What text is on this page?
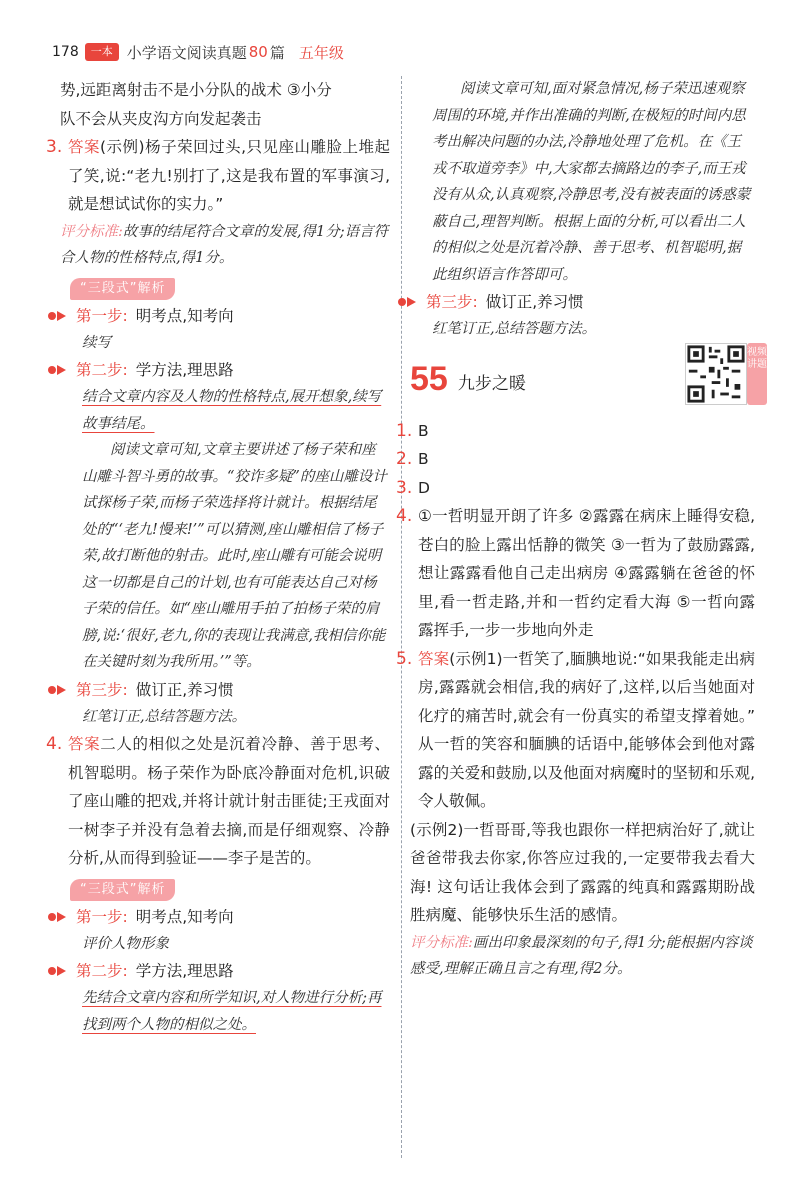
178	一本 小学语文阅读真题 80 篇 五年级
势,远距离射击不是小分队的战术 ③小分
队不会从夹皮沟方向发起袭击
3. 答案(示例)杨子荣回过头,只见座山雕脸上堆起了笑,说:“老九!别打了,这是我布置的军事演习,就是想试试你的实力。”
评分标准:故事的结尾符合文章的发展,得1分;语言符合人物的性格特点,得1分。
“三段式”解析
第一步: 明考点,知考向
续写
第二步: 学方法,理思路
结合文章内容及人物的性格特点,展开想象,续写故事结尾。
阅读文章可知,文章主要讲述了杨子荣和座山雕斗智斗勇的故事。“狡诈多疑”的座山雕设计试探杨子荣,而杨子荣选择将计就计。根据结尾处的“‘老九!慢来!’”可以猜测,座山雕相信了杨子荣,故打断他的射击。此时,座山雕有可能会说明这一切都是自己的计划,也有可能表达自己对杨子荣的信任。如“座山雕用手拍了拍杨子荣的肩膀,说:‘很好,老九,你的表现让我满意,我相信你能在关键时刻为我所用。’”等。
第三步: 做订正,养习惯
红笔订正,总结答题方法。
4. 答案二人的相似之处是沉着冷静、善于思考、机智聪明。杨子荣作为卧底冷静面对危机,识破了座山雕的把戏,并将计就计射击匪徒;王戎面对一树李子并没有急着去摘,而是仔细观察、冷静分析,从而得到验证——李子是苦的。
“三段式”解析
第一步: 明考点,知考向
评价人物形象
第二步: 学方法,理思路
先结合文章内容和所学知识,对人物进行分析;再找到两个人物的相似之处。
阅读文章可知,面对紧急情况,杨子荣迅速观察周围的环境,并作出准确的判断,在极短的时间内思考出解决问题的办法,冷静地处理了危机。在《王戎不取道旁李》中,大家都去摘路边的李子,而王戎没有从众,认真观察,冷静思考,没有被表面的诱惑蒙蔽自己,理智判断。根据上面的分析,可以看出二人的相似之处是沉着冷静、善于思考、机智聪明,据此组织语言作答即可。
第三步: 做订正,养习惯
红笔订正,总结答题方法。
55 九步之暖
视频讲题
1. B
2. B
3. D
4. ①一哲明显开朗了许多 ②露露在病床上睡得安稳,苍白的脸上露出恬静的微笑 ③一哲为了鼓励露露,想让露露看他自己走出病房 ④露露躺在爸爸的怀里,看一哲走路,并和一哲约定看大海 ⑤一哲向露露挥手,一步一步地向外走
5. 答案(示例1)一哲笑了,腼腆地说:“如果我能走出病房,露露就会相信,我的病好了,这样,以后当她面对化疗的痛苦时,就会有一份真实的希望支撑着她。” 从一哲的笑容和腼腆的话语中,能够体会到他对露露的关爱和鼓励,以及他面对病魔时的坚韧和乐观,令人敬佩。
(示例2)一哲哥哥,等我也跟你一样把病治好了,就让爸爸带我去你家,你答应过我的,一定要带我去看大海! 这句话让我体会到了露露的纯真和露露期盼战胜病魔、能够快乐生活的感情。
评分标准:画出印象最深刻的句子,得1分;能根据内容谈感受,理解正确且言之有理,得2分。
